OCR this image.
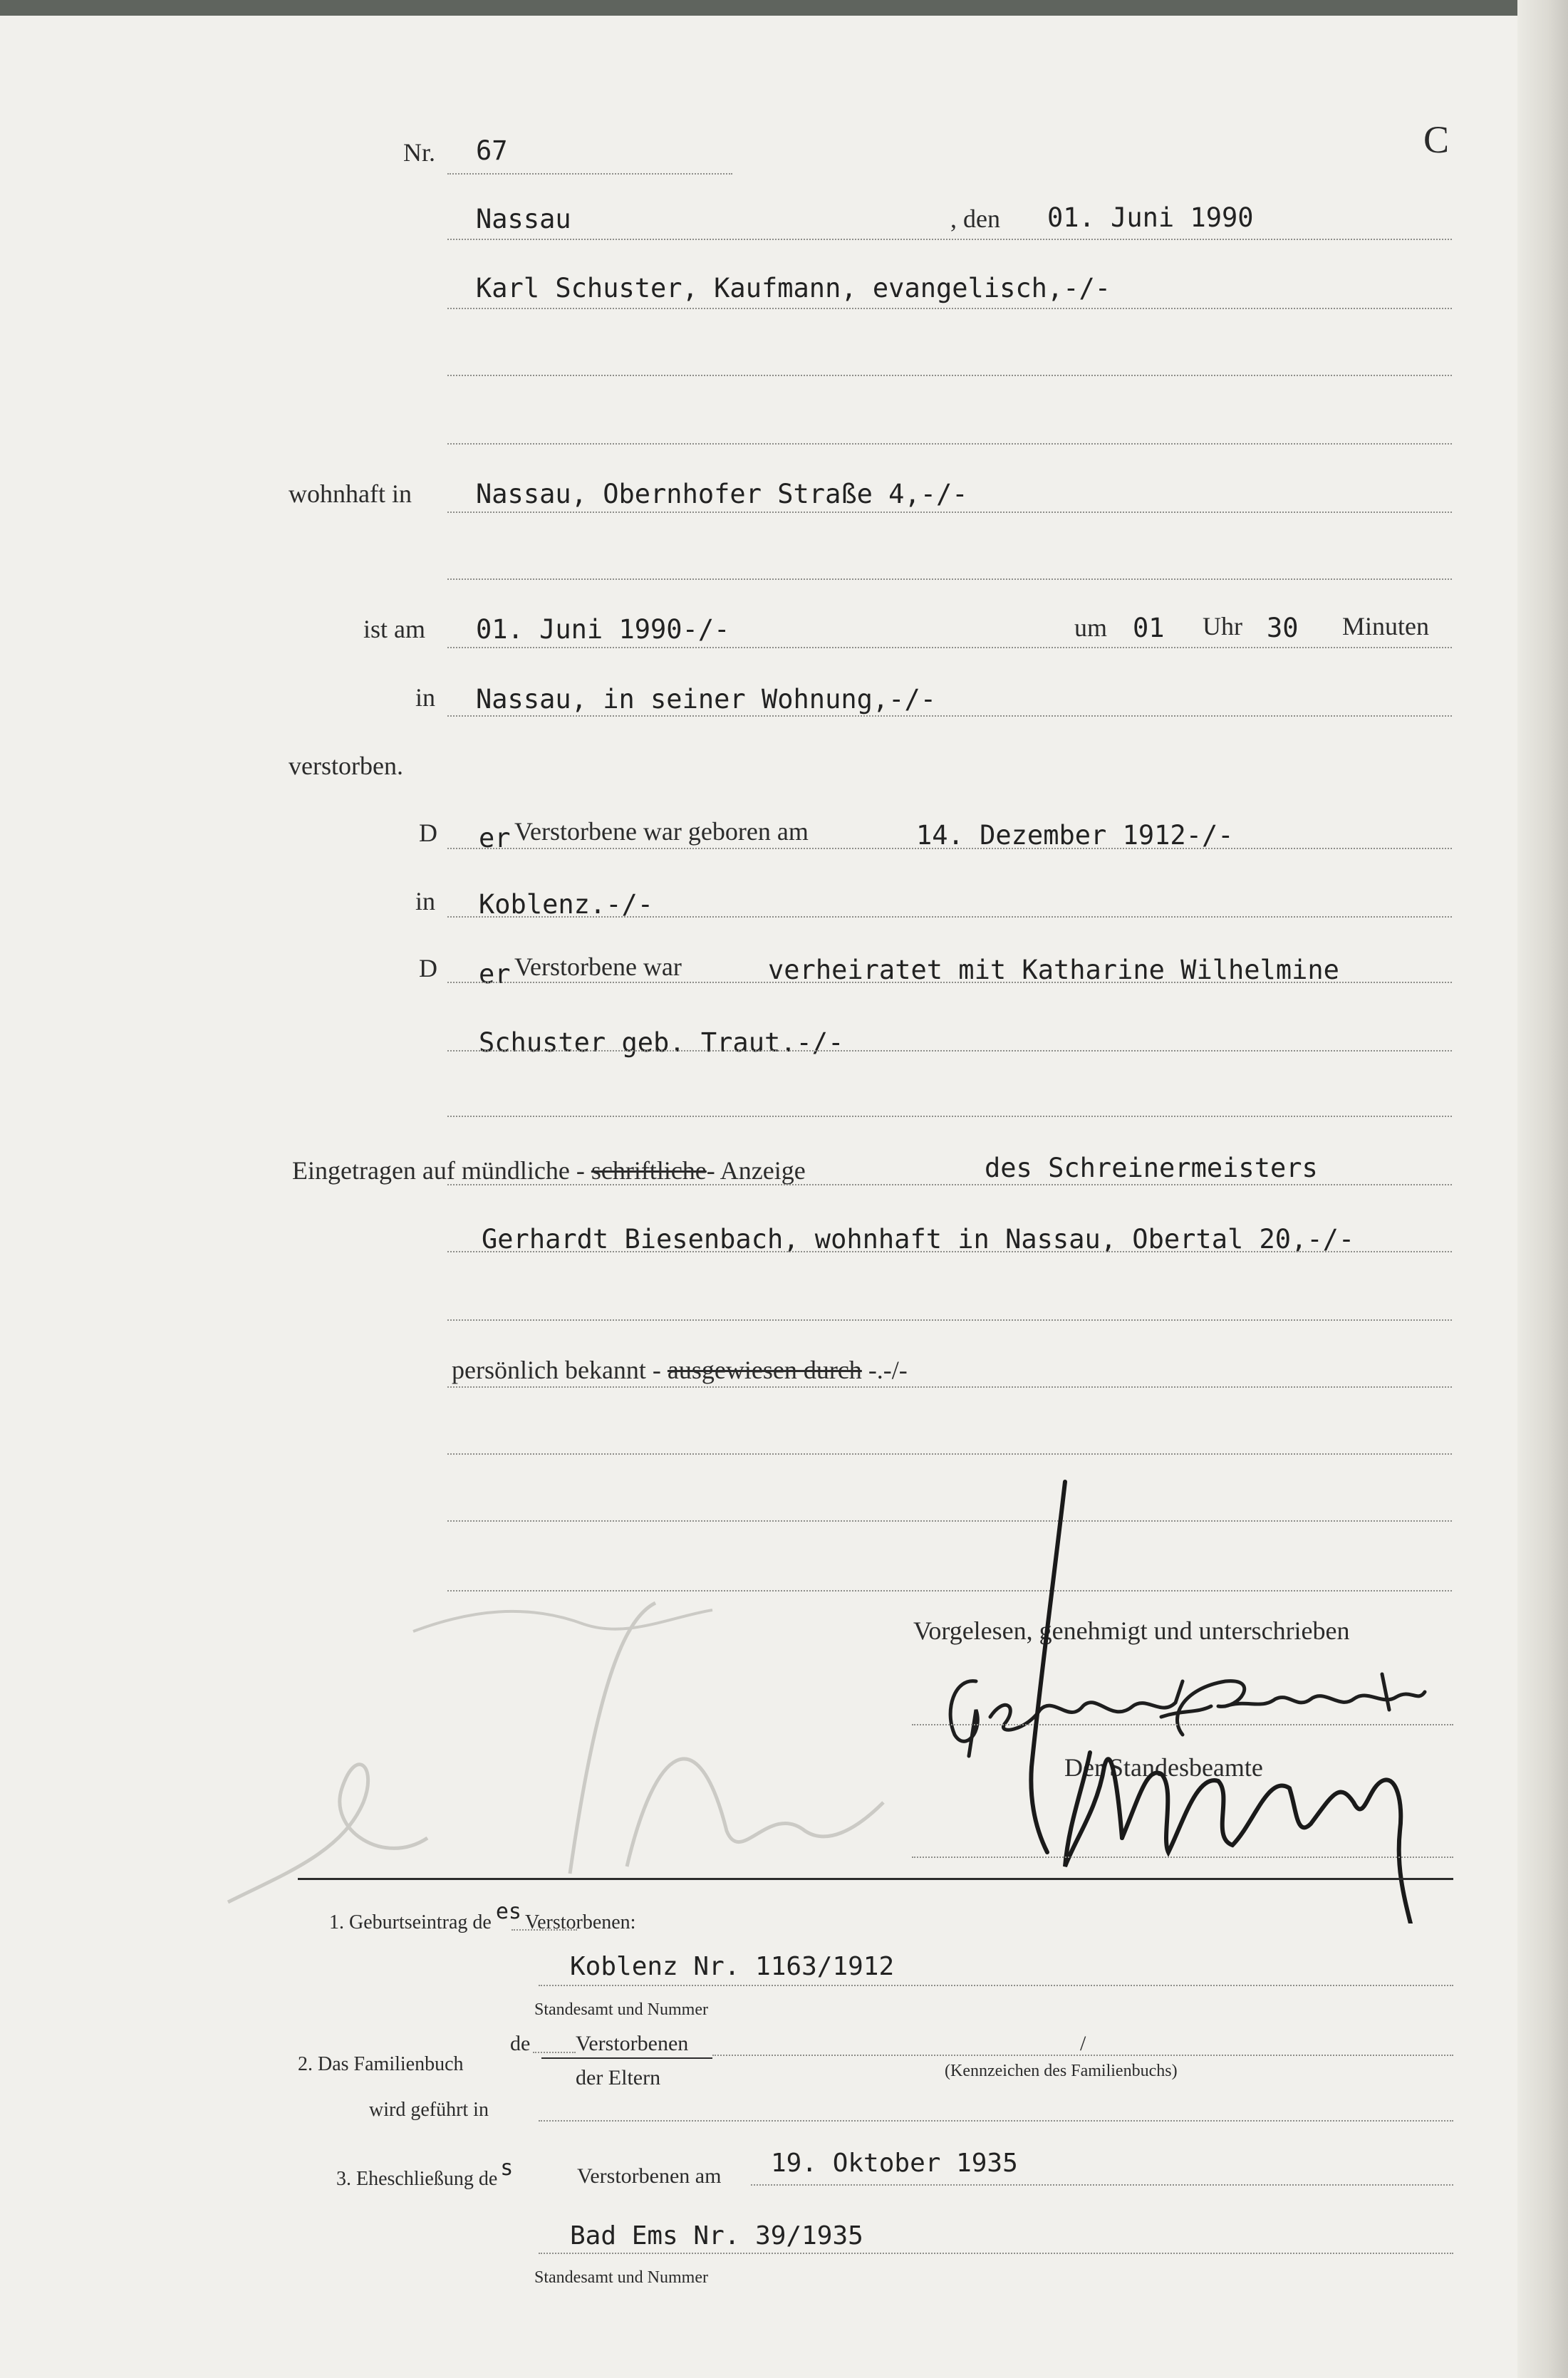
C
Nr. 67
Nassau	, den 01. Juni 1990
Karl Schuster, Kaufmann, evangelisch,-/-
wohnhaft in Nassau, Obernhofer Straße 4,-/-
ist am 01. Juni 1990-/-	um 01 Uhr 30 Minuten
in Nassau, in seiner Wohnung,-/-
verstorben.
D er Verstorbene war geboren am	14. Dezember 1912-/-
in Koblenz.-/-
D er Verstorbene war	verheiratet mit Katharine Wilhelmine
Schuster geb. Traut.-/-
Eingetragen auf mündliche - schriftliche- Anzeige	des Schreinermeisters
Gerhardt Biesenbach, wohnhaft in Nassau, Obertal 20,-/-
persönlich bekannt - ausgewiesen durch -.-/-
Vorgelesen, genehmigt und unterschrieben
Der Standesbeamte
1. Geburtseintrag de es Verstorbenen:
Koblenz Nr. 1163/1912
Standesamt und Nummer
2. Das Familienbuch
de Verstorbenen
der Eltern
/
(Kennzeichen des Familienbuchs)
wird geführt in
3. Eheschließung de s	Verstorbenen am 19. Oktober 1935
Bad Ems Nr. 39/1935
Standesamt und Nummer
